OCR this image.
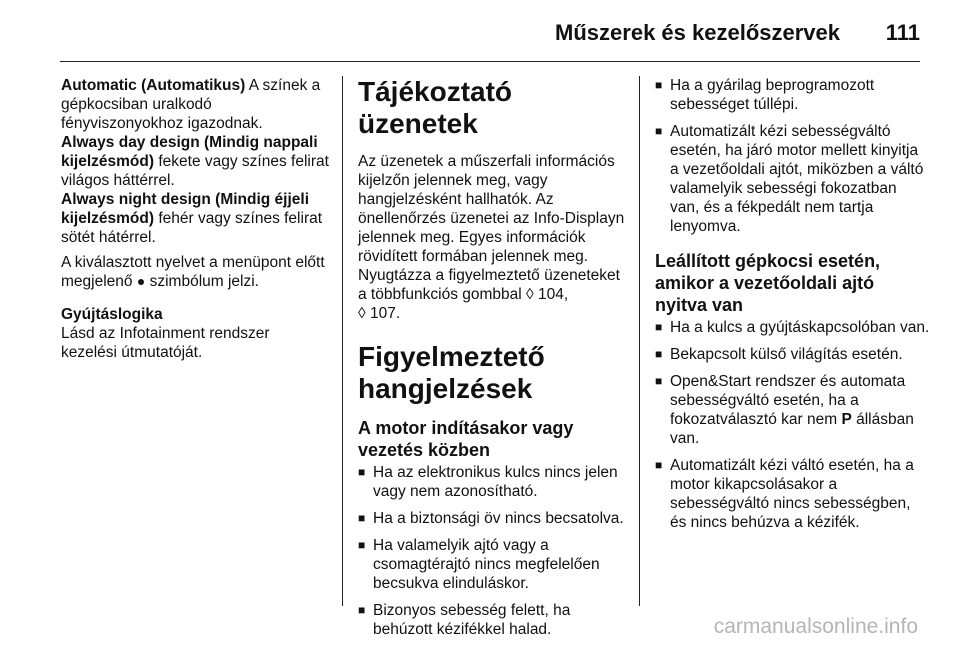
Műszerek és kezelőszervek 111

Automatic (Automatikus) A színek a gépkocsiban uralkodó fényviszonyokhoz igazodnak.

Always day design (Mindig nappali kijelzésmód) fekete vagy színes felirat világos háttérrel.

Always night design (Mindig éjjeli kijelzésmód) fehér vagy színes felirat sötét hátérrel.

A kiválasztott nyelvet a menüpont előtt megjelenő ● szimbólum jelzi.

Gyújtáslogika

Lásd az Infotainment rendszer kezelési útmutatóját.

Tájékoztató üzenetek

Az üzenetek a műszerfali információs kijelzőn jelennek meg, vagy hangjelzésként hallhatók. Az önellenőrzés üzenetei az Info-Displayn jelennek meg. Egyes információk rövidített formában jelennek meg. Nyugtázza a figyelmeztető üzeneteket a többfunkciós gombbal ◊ 104,
◊ 107.

Figyelmeztető hangjelzések
A motor indításakor vagy vezetés közben
■ Ha az elektronikus kulcs nincs jelen vagy nem azonosítható.
■ Ha a biztonsági öv nincs becsatolva.
■ Ha valamelyik ajtó vagy a csomagtérajtó nincs megfelelően becsukva elinduláskor.
■ Bizonyos sebesség felett, ha behúzott kézifékkel halad.
■ Ha a gyárilag beprogramozott sebességet túllépi.
■ Automatizált kézi sebességváltó esetén, ha járó motor mellett kinyitja a vezetőoldali ajtót, miközben a váltó valamelyik sebességi fokozatban van, és a fékpedált nem tartja lenyomva.
Leállított gépkocsi esetén, amikor a vezetőoldali ajtó nyitva van
■ Ha a kulcs a gyújtáskapcsolóban van.
■ Bekapcsolt külső világítás esetén.
■ Open&Start rendszer és automata sebességváltó esetén, ha a fokozatválasztó kar nem P állásban van.
■ Automatizált kézi váltó esetén, ha a motor kikapcsolásakor a sebességváltó nincs sebességben, és nincs behúzva a kézifék.
carmanualsonline.info
